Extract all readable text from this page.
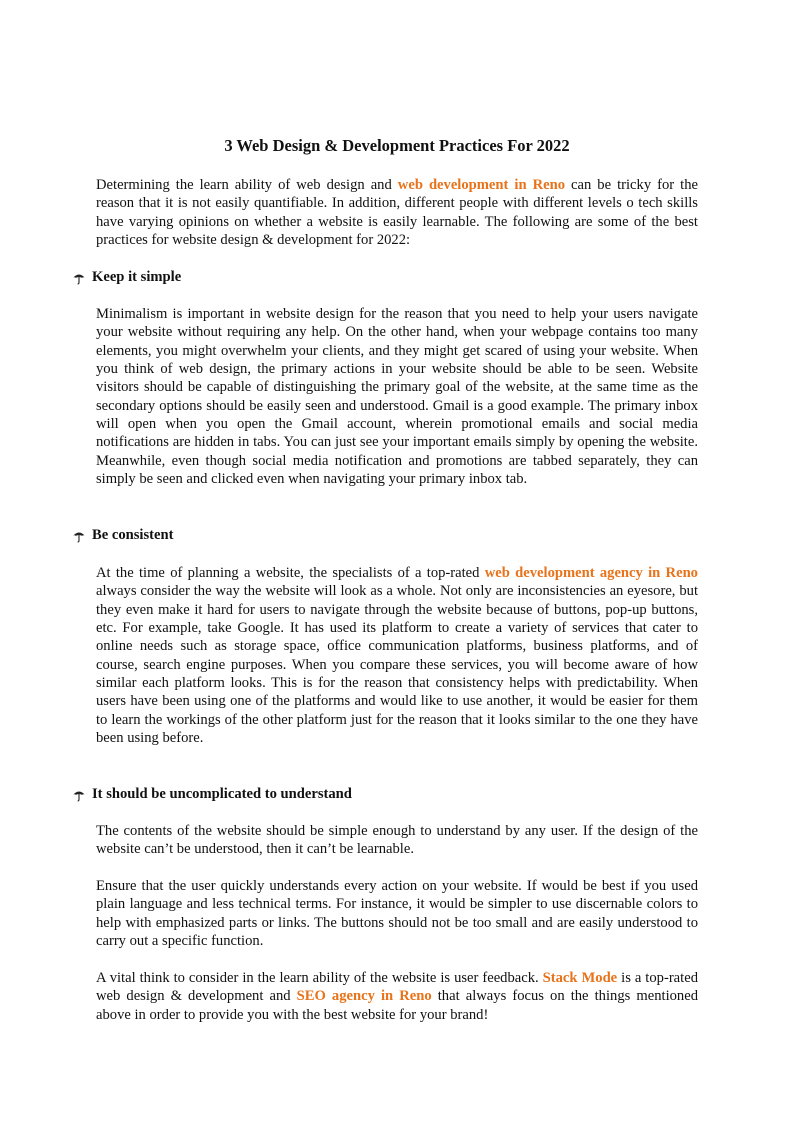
3 Web Design & Development Practices For 2022

Determining the learn ability of web design and web development in Reno can be tricky for the reason that it is not easily quantifiable. In addition, different people with different levels o tech skills have varying opinions on whether a website is easily learnable. The following are some of the best practices for website design & development for 2022:

Keep it simple

Minimalism is important in website design for the reason that you need to help your users navigate your website without requiring any help. On the other hand, when your webpage contains too many elements, you might overwhelm your clients, and they might get scared of using your website. When you think of web design, the primary actions in your website should be able to be seen. Website visitors should be capable of distinguishing the primary goal of the website, at the same time as the secondary options should be easily seen and understood. Gmail is a good example. The primary inbox will open when you open the Gmail account, wherein promotional emails and social media notifications are hidden in tabs. You can just see your important emails simply by opening the website. Meanwhile, even though social media notification and promotions are tabbed separately, they can simply be seen and clicked even when navigating your primary inbox tab.

Be consistent

At the time of planning a website, the specialists of a top-rated web development agency in Reno always consider the way the website will look as a whole. Not only are inconsistencies an eyesore, but they even make it hard for users to navigate through the website because of buttons, pop-up buttons, etc. For example, take Google. It has used its platform to create a variety of services that cater to online needs such as storage space, office communication platforms, business platforms, and of course, search engine purposes. When you compare these services, you will become aware of how similar each platform looks. This is for the reason that consistency helps with predictability. When users have been using one of the platforms and would like to use another, it would be easier for them to learn the workings of the other platform just for the reason that it looks similar to the one they have been using before.

It should be uncomplicated to understand

The contents of the website should be simple enough to understand by any user. If the design of the website can’t be understood, then it can’t be learnable.

Ensure that the user quickly understands every action on your website. If would be best if you used plain language and less technical terms. For instance, it would be simpler to use discernable colors to help with emphasized parts or links. The buttons should not be too small and are easily understood to carry out a specific function.

A vital think to consider in the learn ability of the website is user feedback. Stack Mode is a top-rated web design & development and SEO agency in Reno that always focus on the things mentioned above in order to provide you with the best website for your brand!
